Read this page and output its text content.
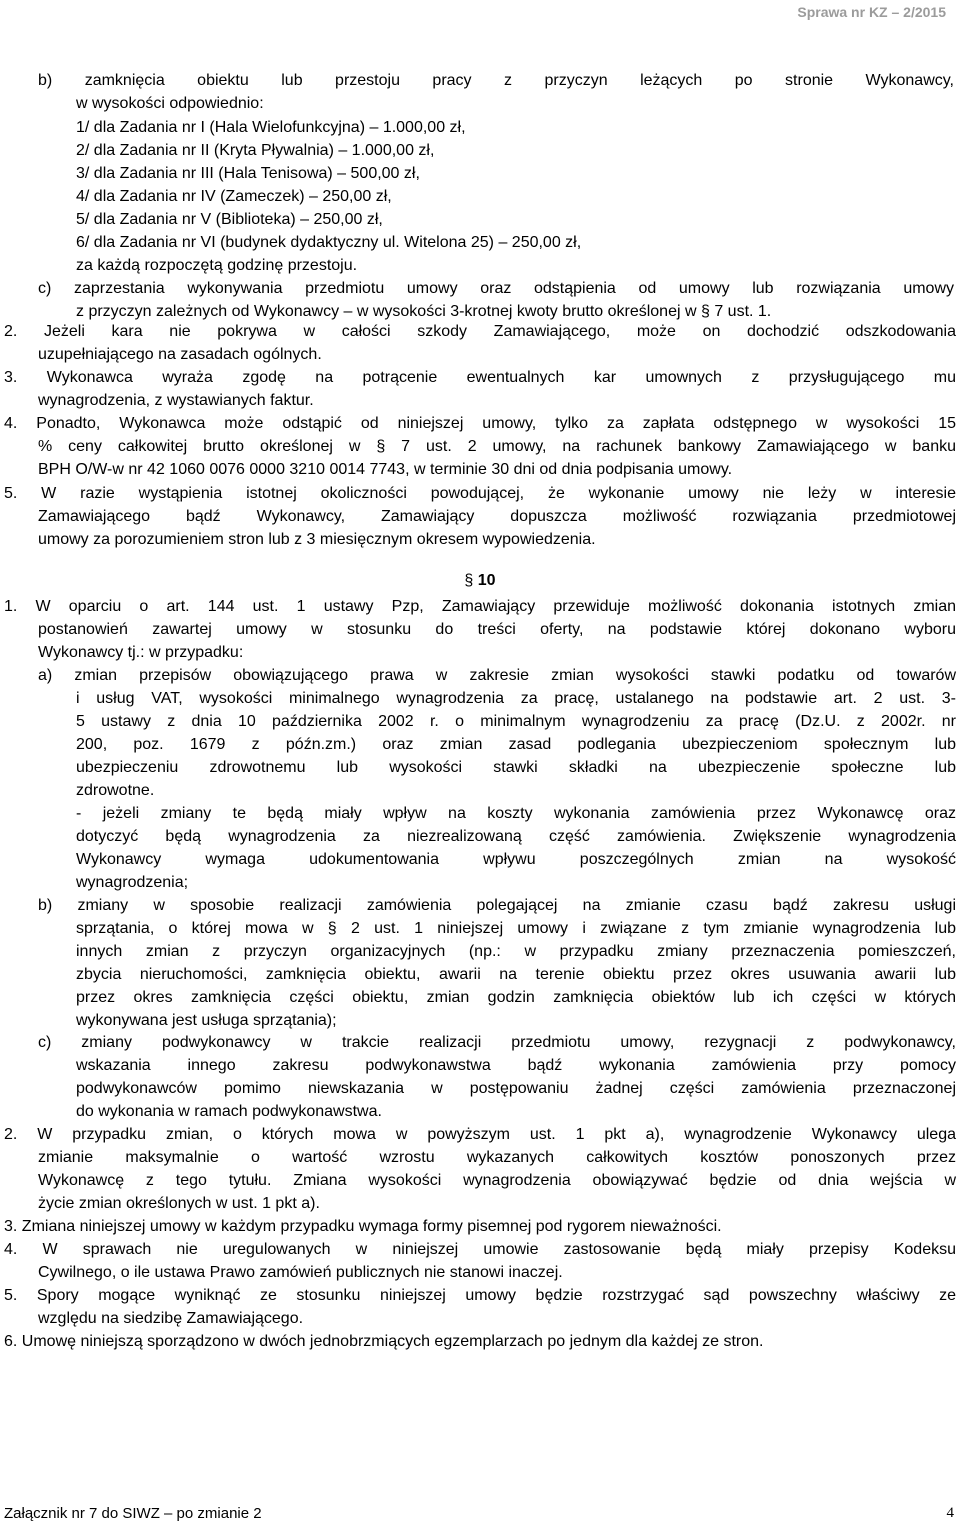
Sprawa nr KZ – 2/2015
b) zamknięcia obiektu lub przestoju pracy z przyczyn leżących po stronie Wykonawcy,
w wysokości odpowiednio:
1/ dla Zadania nr I (Hala Wielofunkcyjna) – 1.000,00 zł,
2/ dla Zadania nr II (Kryta Pływalnia) – 1.000,00 zł,
3/ dla Zadania nr III (Hala Tenisowa) – 500,00 zł,
4/ dla Zadania nr IV (Zameczek) – 250,00 zł,
5/ dla Zadania nr V (Biblioteka) – 250,00 zł,
6/ dla Zadania nr VI (budynek dydaktyczny ul. Witelona 25) – 250,00 zł,
za każdą rozpoczętą godzinę przestoju.
c) zaprzestania wykonywania przedmiotu umowy oraz odstąpienia od umowy lub rozwiązania umowy
z przyczyn zależnych od Wykonawcy – w wysokości 3-krotnej kwoty brutto określonej w § 7 ust. 1.
2. Jeżeli kara nie pokrywa w całości szkody Zamawiającego, może on dochodzić odszkodowania
uzupełniającego na zasadach ogólnych.
3. Wykonawca wyraża zgodę na potrącenie ewentualnych kar umownych z przysługującego mu
wynagrodzenia, z wystawianych faktur.
4. Ponadto, Wykonawca może odstąpić od niniejszej umowy, tylko za zapłata odstępnego w wysokości 15
% ceny całkowitej brutto określonej w § 7 ust. 2 umowy, na rachunek bankowy Zamawiającego w banku
BPH O/W-w nr 42 1060 0076 0000 3210 0014 7743, w terminie 30 dni od dnia podpisania umowy.
5. W razie wystąpienia istotnej okoliczności powodującej, że wykonanie umowy nie leży w interesie
Zamawiającego bądź Wykonawcy, Zamawiający dopuszcza możliwość rozwiązania przedmiotowej
umowy za porozumieniem stron lub z 3 miesięcznym okresem wypowiedzenia.
1. W oparciu o art. 144 ust. 1 ustawy Pzp, Zamawiający przewiduje możliwość dokonania istotnych zmian
postanowień zawartej umowy w stosunku do treści oferty, na podstawie której dokonano wyboru
Wykonawcy tj.: w przypadku:
a) zmian przepisów obowiązującego prawa w zakresie zmian wysokości stawki podatku od towarów
i usług VAT, wysokości minimalnego wynagrodzenia za pracę, ustalanego na podstawie art. 2 ust. 3-
5 ustawy z dnia 10 października 2002 r. o minimalnym wynagrodzeniu za pracę (Dz.U. z 2002r. nr
200, poz. 1679 z późn.zm.) oraz zmian zasad podlegania ubezpieczeniom społecznym lub
ubezpieczeniu zdrowotnemu lub wysokości stawki składki na ubezpieczenie społeczne lub
zdrowotne.
- jeżeli zmiany te będą miały wpływ na koszty wykonania zamówienia przez Wykonawcę oraz
dotyczyć będą wynagrodzenia za niezrealizowaną część zamówienia. Zwiększenie wynagrodzenia
Wykonawcy wymaga udokumentowania wpływu poszczególnych zmian na wysokość
wynagrodzenia;
b) zmiany w sposobie realizacji zamówienia polegającej na zmianie czasu bądź zakresu usługi
sprzątania, o której mowa w § 2 ust. 1 niniejszej umowy i związane z tym zmianie wynagrodzenia lub
innych zmian z przyczyn organizacyjnych (np.: w przypadku zmiany przeznaczenia pomieszczeń,
zbycia nieruchomości, zamknięcia obiektu, awarii na terenie obiektu przez okres usuwania awarii lub
przez okres zamknięcia części obiektu, zmian godzin zamknięcia obiektów lub ich części w których
wykonywana jest usługa sprzątania);
c) zmiany podwykonawcy w trakcie realizacji przedmiotu umowy, rezygnacji z podwykonawcy,
wskazania innego zakresu podwykonawstwa bądź wykonania zamówienia przy pomocy
podwykonawców pomimo niewskazania w postępowaniu żadnej części zamówienia przeznaczonej
do wykonania w ramach podwykonawstwa.
2. W przypadku zmian, o których mowa w powyższym ust. 1 pkt a), wynagrodzenie Wykonawcy ulega
zmianie maksymalnie o wartość wzrostu wykazanych całkowitych kosztów ponoszonych przez
Wykonawcę z tego tytułu. Zmiana wysokości wynagrodzenia obowiązywać będzie od dnia wejścia w
życie zmian określonych w ust. 1 pkt a).
3. Zmiana niniejszej umowy w każdym przypadku wymaga formy pisemnej pod rygorem nieważności.
4. W sprawach nie uregulowanych w niniejszej umowie zastosowanie będą miały przepisy Kodeksu
Cywilnego, o ile ustawa Prawo zamówień publicznych nie stanowi inaczej.
5. Spory mogące wyniknąć ze stosunku niniejszej umowy będzie rozstrzygać sąd powszechny właściwy ze
względu na siedzibę Zamawiającego.
6. Umowę niniejszą sporządzono w dwóch jednobrzmiących egzemplarzach po jednym dla każdej ze stron.
§ 10
Załącznik nr 7 do SIWZ – po zmianie 2	4
